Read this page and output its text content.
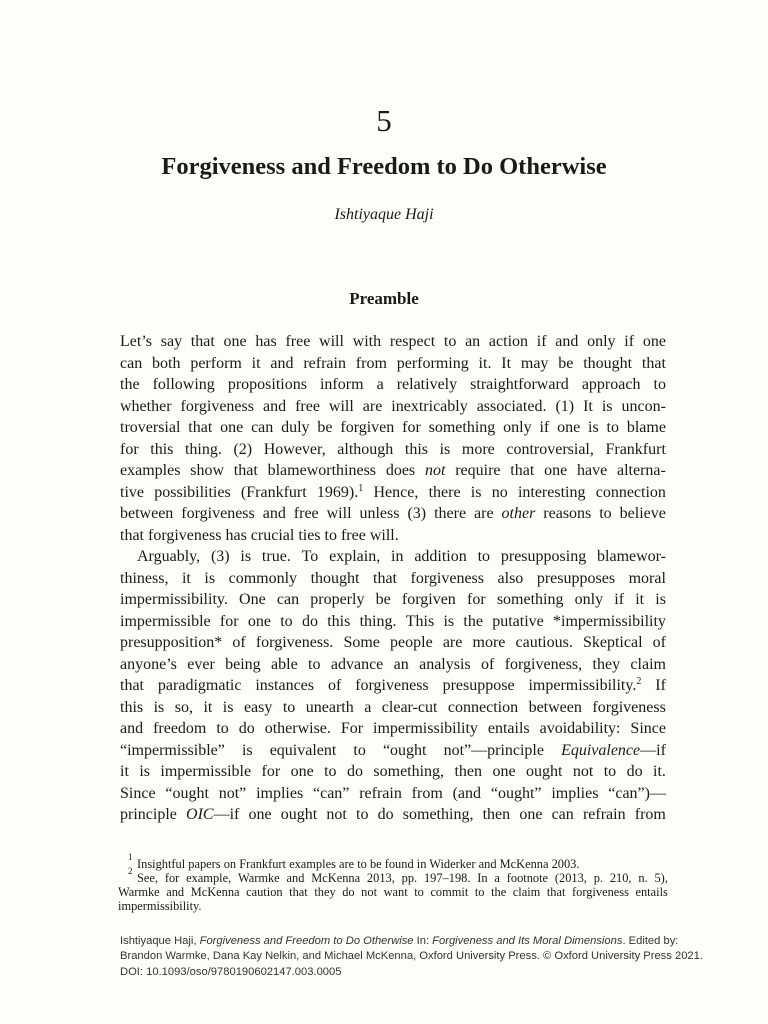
5
Forgiveness and Freedom to Do Otherwise
Ishtiyaque Haji
Preamble
Let’s say that one has free will with respect to an action if and only if one
can both perform it and refrain from performing it. It may be thought that
the following propositions inform a relatively straightforward approach to
whether forgiveness and free will are inextricably associated. (1) It is uncon-
troversial that one can duly be forgiven for something only if one is to blame
for this thing. (2) However, although this is more controversial, Frankfurt
examples show that blameworthiness does not require that one have alterna-
tive possibilities (Frankfurt 1969).$^1$ Hence, there is no interesting connection
between forgiveness and free will unless (3) there are other reasons to believe
that forgiveness has crucial ties to free will.
Arguably, (3) is true. To explain, in addition to presupposing blamewor-
thiness, it is commonly thought that forgiveness also presupposes moral
impermissibility. One can properly be forgiven for something only if it is
impermissible for one to do this thing. This is the putative *impermissibility
presupposition* of forgiveness. Some people are more cautious. Skeptical of
anyone’s ever being able to advance an analysis of forgiveness, they claim
that paradigmatic instances of forgiveness presuppose impermissibility.$^2$ If
this is so, it is easy to unearth a clear-cut connection between forgiveness
and freedom to do otherwise. For impermissibility entails avoidability: Since
“impermissible” is equivalent to “ought not”—principle Equivalence—if
it is impermissible for one to do something, then one ought not to do it.
Since “ought not” implies “can” refrain from (and “ought” implies “can”)—
principle OIC—if one ought not to do something, then one can refrain from
1 Insightful papers on Frankfurt examples are to be found in Widerker and McKenna 2003.
2 See, for example, Warmke and McKenna 2013, pp. 197–198. In a footnote (2013, p. 210, n. 5),
Warmke and McKenna caution that they do not want to commit to the claim that forgiveness entails
impermissibility.
Ishtiyaque Haji, Forgiveness and Freedom to Do Otherwise In: Forgiveness and Its Moral Dimensions. Edited by:
Brandon Warmke, Dana Kay Nelkin, and Michael McKenna, Oxford University Press. © Oxford University Press 2021.
DOI: 10.1093/oso/9780190602147.003.0005
